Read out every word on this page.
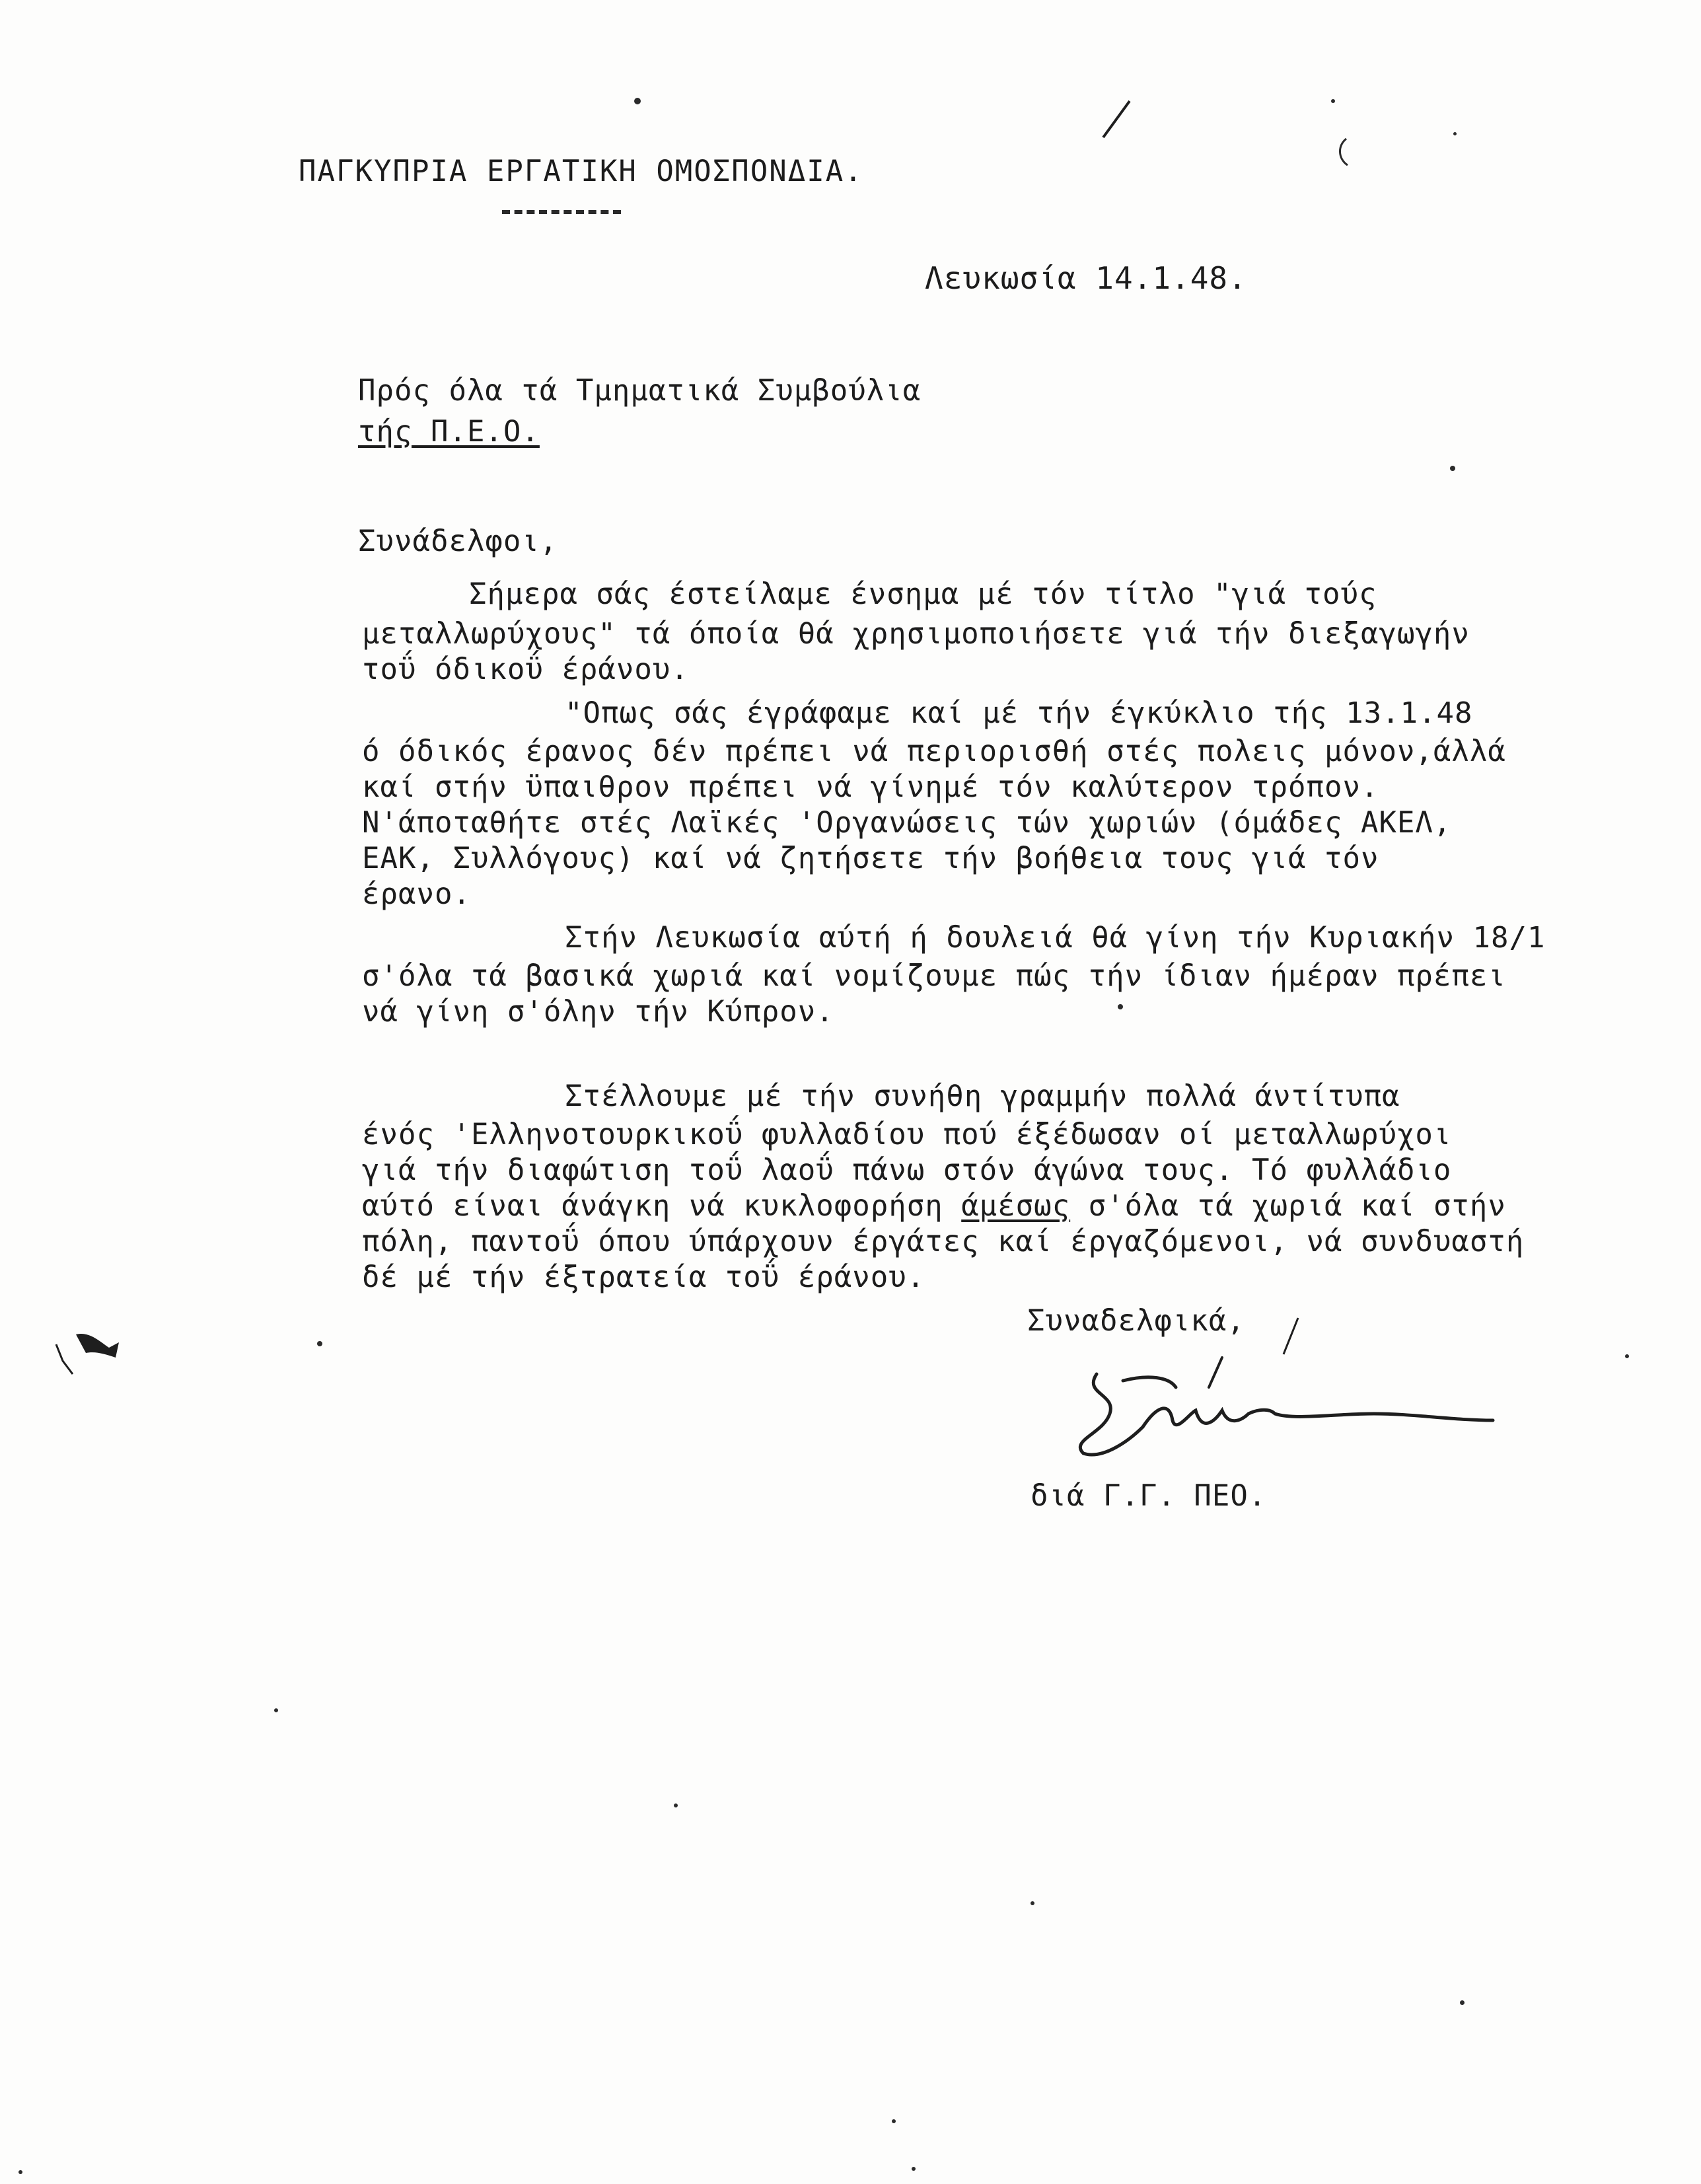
ΠΑΓΚΥΠΡΙΑ ΕΡΓΑΤΙΚΗ ΟΜΟΣΠΟΝΔΙΑ.
Λευκωσία 14.1.48.
Πρός όλα τά Τμηματικά Συμβούλια
τής Π.Ε.Ο.
Συνάδελφοι,
Σήμερα σάς έστείλαμε ένσημα μέ τόν τίτλο "γιά τούς
μεταλλωρύχους" τά όποία θά χρησιμοποιήσετε γιά τήν διεξαγωγήν
τοΰ όδικοΰ έράνου.
"Οπως σάς έγράφαμε καί μέ τήν έγκύκλιο τής 13.1.48
ό όδικός έρανος δέν πρέπει νά περιορισθή στές πολεις μόνον,άλλά
καί στήν ϋπαιθρον πρέπει νά γίνημέ τόν καλύτερον τρόπον.
Ν'άποταθήτε στές Λαϊκές 'Οργανώσεις τών χωριών (όμάδες ΑΚΕΛ,
ΕΑΚ, Συλλόγους) καί νά ζητήσετε τήν βοήθεια τους γιά τόν
έρανο.
Στήν Λευκωσία αύτή ή δουλειά θά γίνη τήν Κυριακήν 18/1
σ'όλα τά βασικά χωριά καί νομίζουμε πώς τήν ίδιαν ήμέραν πρέπει
νά γίνη σ'όλην τήν Κύπρον.
Στέλλουμε μέ τήν συνήθη γραμμήν πολλά άντίτυπα
ένός 'Ελληνοτουρκικοΰ φυλλαδίου πού έξέδωσαν οί μεταλλωρύχοι
γιά τήν διαφώτιση τοΰ λαοΰ πάνω στόν άγώνα τους. Τό φυλλάδιο
αύτό είναι άνάγκη νά κυκλοφορήση άμέσως σ'όλα τά χωριά καί στήν
πόλη, παντοΰ όπου ύπάρχουν έργάτες καί έργαζόμενοι, νά συνδυαστή
δέ μέ τήν έξτρατεία τοΰ έράνου.
Συναδελφικά,
διά Γ.Γ. ΠΕΟ.
